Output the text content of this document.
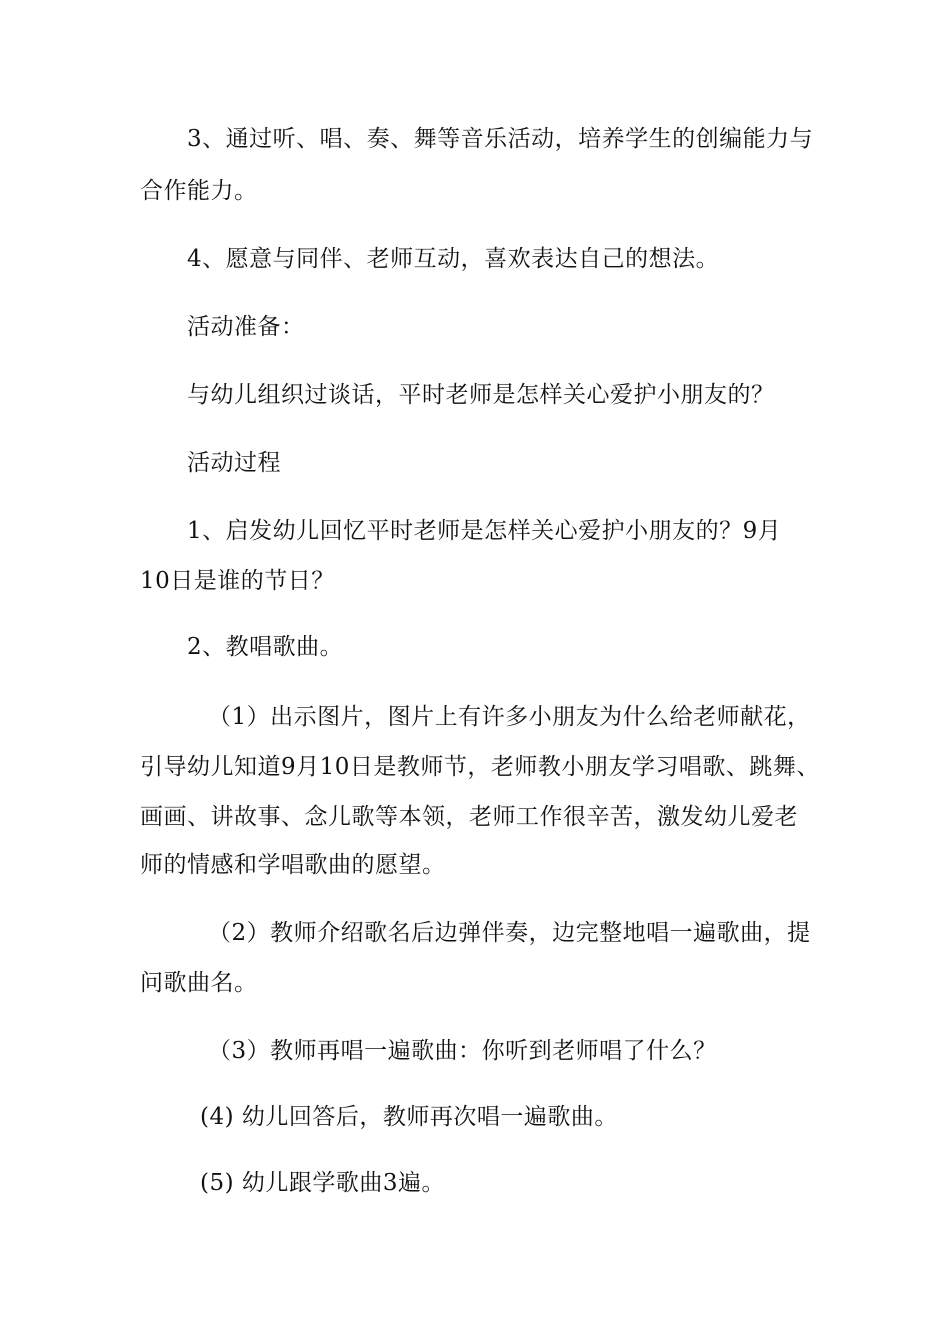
3、通过听、唱、奏、舞等音乐活动，培养学生的创编能力与
合作能力。
4、愿意与同伴、老师互动，喜欢表达自己的想法。
活动准备：
与幼儿组织过谈话，平时老师是怎样关心爱护小朋友的？
活动过程
1、启发幼儿回忆平时老师是怎样关心爱护小朋友的？9月
10日是谁的节日？
2、教唱歌曲。
（1）出示图片，图片上有许多小朋友为什么给老师献花，
引导幼儿知道9月10日是教师节，老师教小朋友学习唱歌、跳舞、
画画、讲故事、念儿歌等本领，老师工作很辛苦，激发幼儿爱老
师的情感和学唱歌曲的愿望。
（2）教师介绍歌名后边弹伴奏，边完整地唱一遍歌曲，提
问歌曲名。
（3）教师再唱一遍歌曲：你听到老师唱了什么？
(4) 幼儿回答后，教师再次唱一遍歌曲。
(5) 幼儿跟学歌曲3遍。
